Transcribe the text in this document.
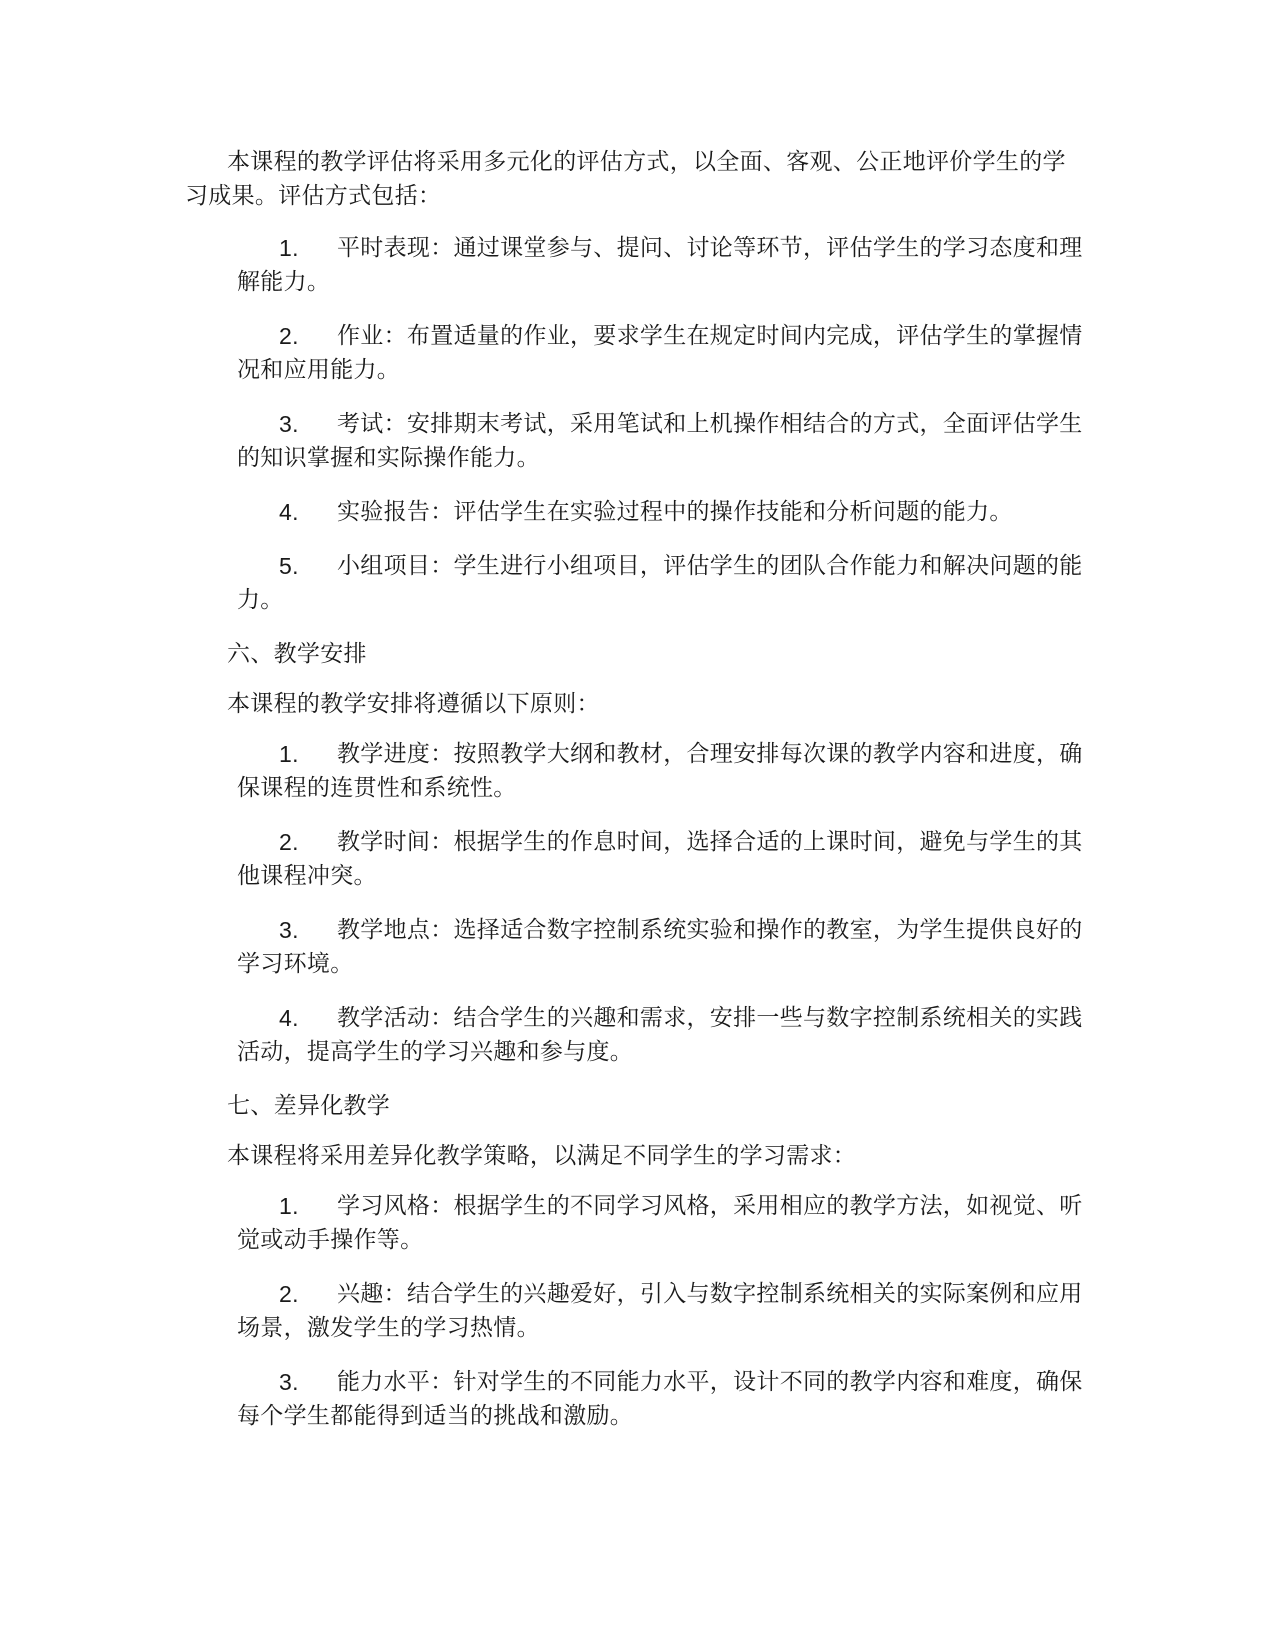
本课程的教学评估将采用多元化的评估方式，以全面、客观、公正地评价学生的学习成果。评估方式包括：

1. 平时表现：通过课堂参与、提问、讨论等环节，评估学生的学习态度和理解能力。
2. 作业：布置适量的作业，要求学生在规定时间内完成，评估学生的掌握情况和应用能力。
3. 考试：安排期末考试，采用笔试和上机操作相结合的方式，全面评估学生的知识掌握和实际操作能力。
4. 实验报告：评估学生在实验过程中的操作技能和分析问题的能力。
5. 小组项目：学生进行小组项目，评估学生的团队合作能力和解决问题的能力。

六、教学安排

本课程的教学安排将遵循以下原则：

1. 教学进度：按照教学大纲和教材，合理安排每次课的教学内容和进度，确保课程的连贯性和系统性。
2. 教学时间：根据学生的作息时间，选择合适的上课时间，避免与学生的其他课程冲突。
3. 教学地点：选择适合数字控制系统实验和操作的教室，为学生提供良好的学习环境。
4. 教学活动：结合学生的兴趣和需求，安排一些与数字控制系统相关的实践活动，提高学生的学习兴趣和参与度。

七、差异化教学

本课程将采用差异化教学策略，以满足不同学生的学习需求：

1. 学习风格：根据学生的不同学习风格，采用相应的教学方法，如视觉、听觉或动手操作等。
2. 兴趣：结合学生的兴趣爱好，引入与数字控制系统相关的实际案例和应用场景，激发学生的学习热情。
3. 能力水平：针对学生的不同能力水平，设计不同的教学内容和难度，确保每个学生都能得到适当的挑战和激励。
